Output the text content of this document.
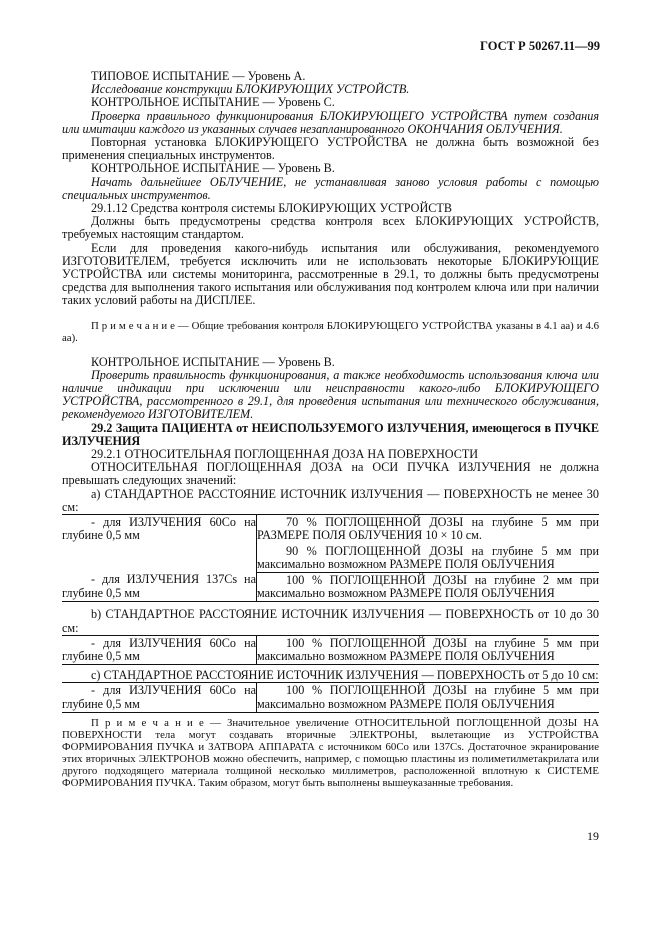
ГОСТ Р 50267.11—99

ТИПОВОЕ ИСПЫТАНИЕ — Уровень А.

Исследование конструкции БЛОКИРУЮЩИХ УСТРОЙСТВ.

КОНТРОЛЬНОЕ ИСПЫТАНИЕ — Уровень С.

Проверка правильного функционирования БЛОКИРУЮЩЕГО УСТРОЙСТВА путем создания или имитации каждого из указанных случаев незапланированного ОКОНЧАНИЯ ОБЛУЧЕНИЯ.

Повторная установка БЛОКИРУЮЩЕГО УСТРОЙСТВА не должна быть возможной без применения специальных инструментов.

КОНТРОЛЬНОЕ ИСПЫТАНИЕ — Уровень В.

Начать дальнейшее ОБЛУЧЕНИЕ, не устанавливая заново условия работы с помощью специальных инструментов.

29.1.12 Средства контроля системы БЛОКИРУЮЩИХ УСТРОЙСТВ

Должны быть предусмотрены средства контроля всех БЛОКИРУЮЩИХ УСТРОЙСТВ, требуемых настоящим стандартом.

Если для проведения какого-нибудь испытания или обслуживания, рекомендуемого ИЗГОТОВИТЕЛЕМ, требуется исключить или не использовать некоторые БЛОКИРУЮЩИЕ УСТРОЙСТВА или системы мониторинга, рассмотренные в 29.1, то должны быть предусмотрены средства для выполнения такого испытания или обслуживания под контролем ключа или при наличии таких условий работы на ДИСПЛЕЕ.

П р и м е ч а н и е — Общие требования контроля БЛОКИРУЮЩЕГО УСТРОЙСТВА указаны в 4.1 аа) и 4.6 аа).

КОНТРОЛЬНОЕ ИСПЫТАНИЕ — Уровень В.

Проверить правильность функционирования, а также необходимость использования ключа или наличие индикации при исключении или неисправности какого-либо БЛОКИРУЮЩЕГО УСТРОЙСТВА, рассмотренного в 29.1, для проведения испытания или технического обслуживания, рекомендуемого ИЗГОТОВИТЕЛЕМ.

29.2 Защита ПАЦИЕНТА от НЕИСПОЛЬЗУЕМОГО ИЗЛУЧЕНИЯ, имеющегося в ПУЧКЕ ИЗЛУЧЕНИЯ

29.2.1 ОТНОСИТЕЛЬНАЯ ПОГЛОЩЕННАЯ ДОЗА НА ПОВЕРХНОСТИ

ОТНОСИТЕЛЬНАЯ ПОГЛОЩЕННАЯ ДОЗА на ОСИ ПУЧКА ИЗЛУЧЕНИЯ не должна превышать следующих значений:

а) СТАНДАРТНОЕ РАССТОЯНИЕ ИСТОЧНИК ИЗЛУЧЕНИЯ — ПОВЕРХНОСТЬ не менее 30 см:

- для ИЗЛУЧЕНИЯ 60Co на глубине 0,5 мм	70 % ПОГЛОЩЕННОЙ ДОЗЫ на глубине 5 мм при РАЗМЕРЕ ПОЛЯ ОБЛУЧЕНИЯ 10 × 10 см.
	90 % ПОГЛОЩЕННОЙ ДОЗЫ на глубине 5 мм при максимально возможном РАЗМЕРЕ ПОЛЯ ОБЛУЧЕНИЯ
- для ИЗЛУЧЕНИЯ 137Cs на глубине 0,5 мм	100 % ПОГЛОЩЕННОЙ ДОЗЫ на глубине 2 мм при максимально возможном РАЗМЕРЕ ПОЛЯ ОБЛУЧЕНИЯ

b) СТАНДАРТНОЕ РАССТОЯНИЕ ИСТОЧНИК ИЗЛУЧЕНИЯ — ПОВЕРХНОСТЬ от 10 до 30 см:

- для ИЗЛУЧЕНИЯ 60Co на глубине 0,5 мм	100 % ПОГЛОЩЕННОЙ ДОЗЫ на глубине 5 мм при максимально возможном РАЗМЕРЕ ПОЛЯ ОБЛУЧЕНИЯ

с) СТАНДАРТНОЕ РАССТОЯНИЕ ИСТОЧНИК ИЗЛУЧЕНИЯ — ПОВЕРХНОСТЬ от 5 до 10 см:

- для ИЗЛУЧЕНИЯ 60Co на глубине 0,5 мм	100 % ПОГЛОЩЕННОЙ ДОЗЫ на глубине 5 мм при максимально возможном РАЗМЕРЕ ПОЛЯ ОБЛУЧЕНИЯ

П р и м е ч а н и е — Значительное увеличение ОТНОСИТЕЛЬНОЙ ПОГЛОЩЕННОЙ ДОЗЫ НА ПОВЕРХНОСТИ тела могут создавать вторичные ЭЛЕКТРОНЫ, вылетающие из УСТРОЙСТВА ФОРМИРОВАНИЯ ПУЧКА и ЗАТВОРА АППАРАТА с источником 60Co или 137Cs. Достаточное экранирование этих вторичных ЭЛЕКТРОНОВ можно обеспечить, например, с помощью пластины из полиметилметакрилата или другого подходящего материала толщиной несколько миллиметров, расположенной вплотную к СИСТЕМЕ ФОРМИРОВАНИЯ ПУЧКА. Таким образом, могут быть выполнены вышеуказанные требования.

19
